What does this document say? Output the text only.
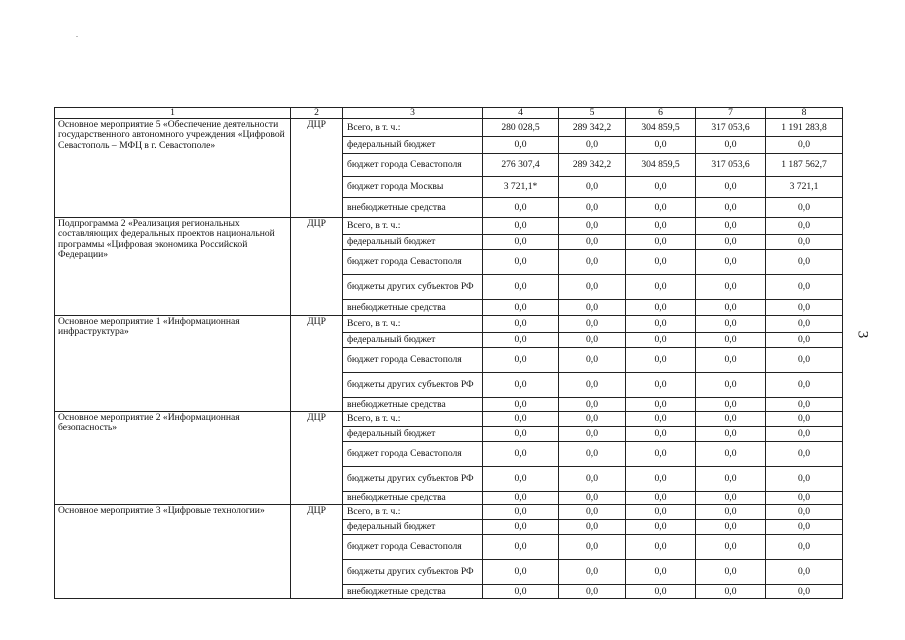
1	2	3	4	5	6	7	8
Основное мероприятие 5 «Обеспечение деятельности государственного автономного учреждения «Цифровой Севастополь – МФЦ в г. Севастополе»	ДЦР	Всего, в т. ч.:	280 028,5	289 342,2	304 859,5	317 053,6	1 191 283,8
		федеральный бюджет	0,0	0,0	0,0	0,0	0,0
		бюджет города Севастополя	276 307,4	289 342,2	304 859,5	317 053,6	1 187 562,7
		бюджет города Москвы	3 721,1*	0,0	0,0	0,0	3 721,1
		внебюджетные средства	0,0	0,0	0,0	0,0	0,0
Подпрограмма 2 «Реализация региональных составляющих федеральных проектов национальной программы «Цифровая экономика Российской Федерации»	ДЦР	Всего, в т. ч.:	0,0	0,0	0,0	0,0	0,0
		федеральный бюджет	0,0	0,0	0,0	0,0	0,0
		бюджет города Севастополя	0,0	0,0	0,0	0,0	0,0
		бюджеты других субъектов РФ	0,0	0,0	0,0	0,0	0,0
		внебюджетные средства	0,0	0,0	0,0	0,0	0,0
Основное мероприятие 1 «Информационная инфраструктура»	ДЦР	Всего, в т. ч.:	0,0	0,0	0,0	0,0	0,0
		федеральный бюджет	0,0	0,0	0,0	0,0	0,0
		бюджет города Севастополя	0,0	0,0	0,0	0,0	0,0
		бюджеты других субъектов РФ	0,0	0,0	0,0	0,0	0,0
		внебюджетные средства	0,0	0,0	0,0	0,0	0,0
Основное мероприятие 2 «Информационная безопасность»	ДЦР	Всего, в т. ч.:	0,0	0,0	0,0	0,0	0,0
		федеральный бюджет	0,0	0,0	0,0	0,0	0,0
		бюджет города Севастополя	0,0	0,0	0,0	0,0	0,0
		бюджеты других субъектов РФ	0,0	0,0	0,0	0,0	0,0
		внебюджетные средства	0,0	0,0	0,0	0,0	0,0
Основное мероприятие 3 «Цифровые технологии»	ДЦР	Всего, в т. ч.:	0,0	0,0	0,0	0,0	0,0
		федеральный бюджет	0,0	0,0	0,0	0,0	0,0
		бюджет города Севастополя	0,0	0,0	0,0	0,0	0,0
		бюджеты других субъектов РФ	0,0	0,0	0,0	0,0	0,0
		внебюджетные средства	0,0	0,0	0,0	0,0	0,0
3
